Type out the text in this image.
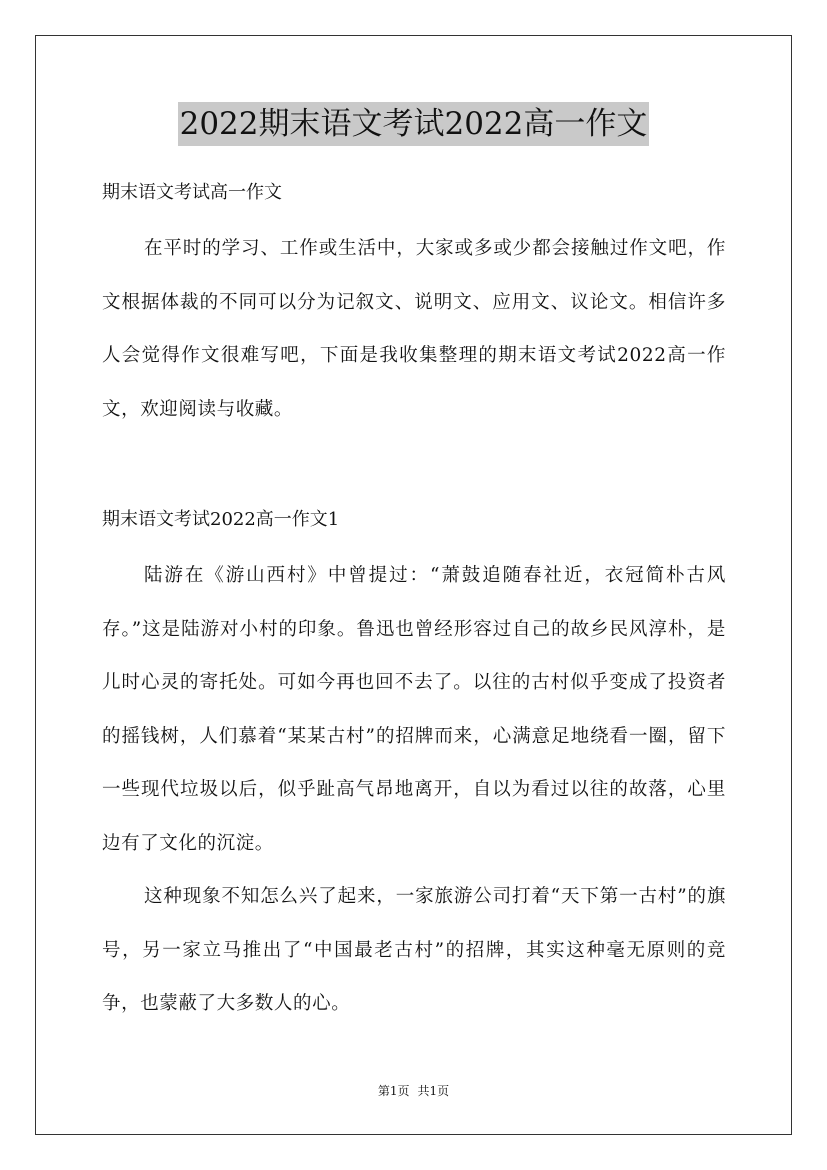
2022期末语文考试2022高一作文
期末语文考试高一作文
在平时的学习、工作或生活中，大家或多或少都会接触过作文吧，作文根据体裁的不同可以分为记叙文、说明文、应用文、议论文。相信许多人会觉得作文很难写吧，下面是我收集整理的期末语文考试2022高一作文，欢迎阅读与收藏。
期末语文考试2022高一作文1
陆游在《游山西村》中曾提过：“萧鼓追随春社近，衣冠简朴古风存。”这是陆游对小村的印象。鲁迅也曾经形容过自己的故乡民风淳朴，是儿时心灵的寄托处。可如今再也回不去了。以往的古村似乎变成了投资者的摇钱树，人们慕着“某某古村”的招牌而来，心满意足地绕看一圈，留下一些现代垃圾以后，似乎趾高气昂地离开，自以为看过以往的故落，心里边有了文化的沉淀。
这种现象不知怎么兴了起来，一家旅游公司打着“天下第一古村”的旗号，另一家立马推出了“中国最老古村”的招牌，其实这种毫无原则的竞争，也蒙蔽了大多数人的心。
第1页 共1页
